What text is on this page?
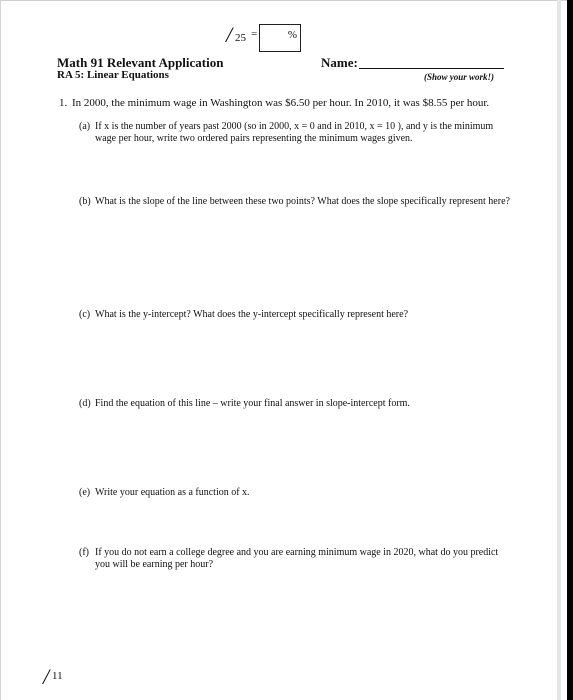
/ 25 =	%
Math 91 Relevant Application
RA 5: Linear Equations
Name:
(Show your work!)
1. In 2000, the minimum wage in Washington was $6.50 per hour. In 2010, it was $8.55 per hour.
(a) If x is the number of years past 2000 (so in 2000, x = 0 and in 2010, x = 10 ), and y is the minimum wage per hour, write two ordered pairs representing the minimum wages given.
(b) What is the slope of the line between these two points? What does the slope specifically represent here?
(c) What is the y-intercept? What does the y-intercept specifically represent here?
(d) Find the equation of this line – write your final answer in slope-intercept form.
(e) Write your equation as a function of x.
(f) If you do not earn a college degree and you are earning minimum wage in 2020, what do you predict you will be earning per hour?
/ 11
